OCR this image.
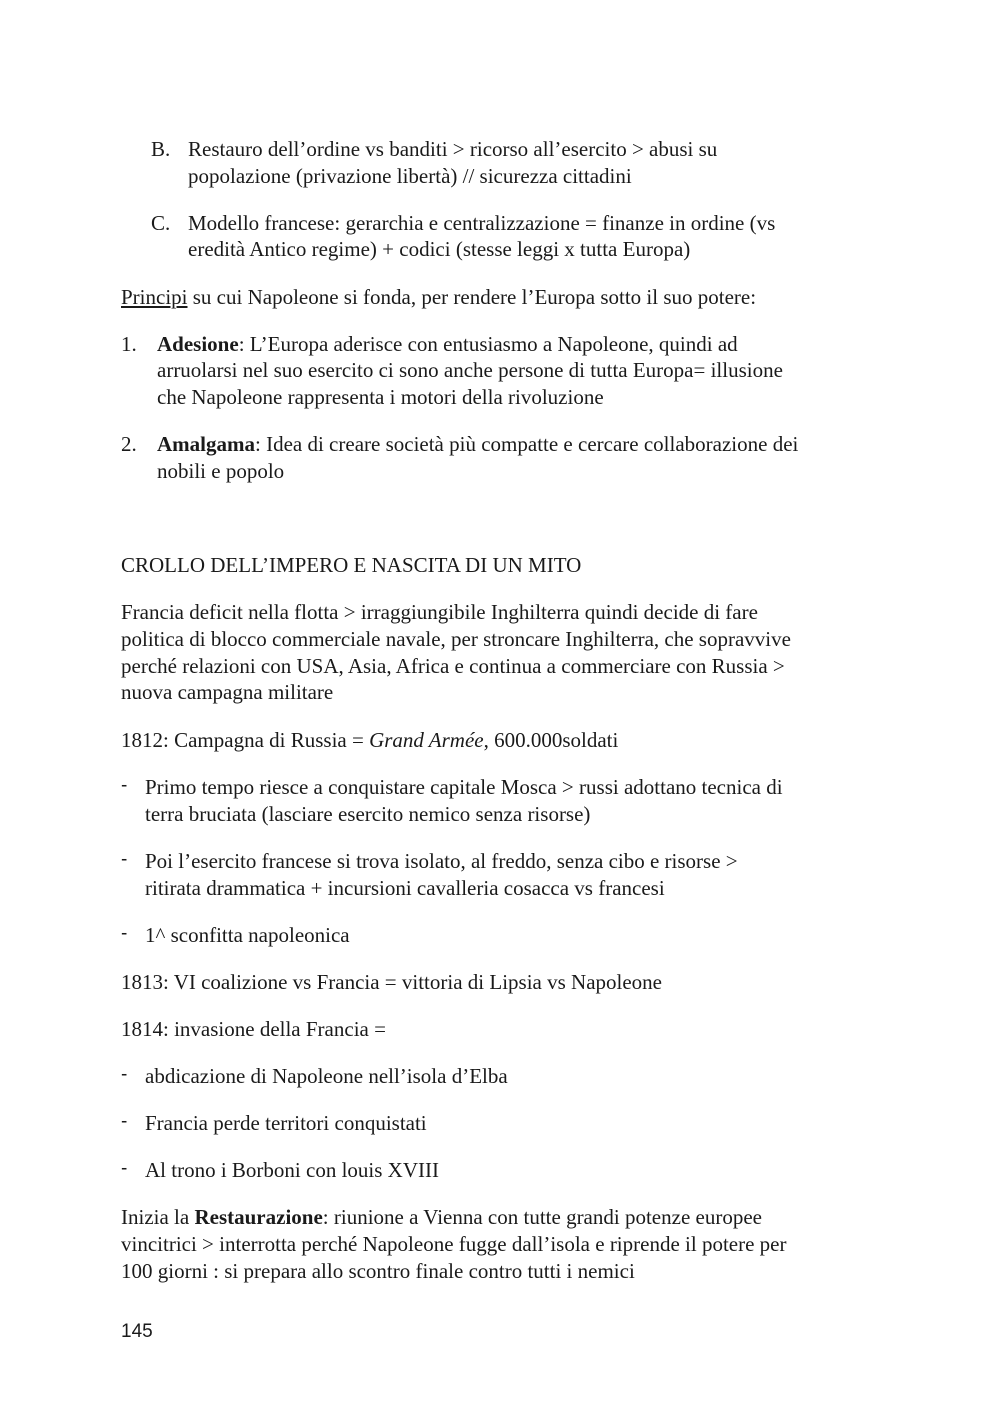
B. Restauro dell’ordine vs banditi > ricorso all’esercito > abusi su
popolazione (privazione libertà) // sicurezza cittadini
C. Modello francese: gerarchia e centralizzazione = finanze in ordine (vs
eredità Antico regime) + codici (stesse leggi x tutta Europa)
Principi su cui Napoleone si fonda, per rendere l’Europa sotto il suo potere:
1. Adesione: L’Europa aderisce con entusiasmo a Napoleone, quindi ad
arruolarsi nel suo esercito ci sono anche persone di tutta Europa= illusione
che Napoleone rappresenta i motori della rivoluzione
2. Amalgama: Idea di creare società più compatte e cercare collaborazione dei
nobili e popolo
CROLLO DELL’IMPERO E NASCITA DI UN MITO
Francia deficit nella flotta > irraggiungibile Inghilterra quindi decide di fare
politica di blocco commerciale navale, per stroncare Inghilterra, che sopravvive
perché relazioni con USA, Asia, Africa e continua a commerciare con Russia >
nuova campagna militare
1812: Campagna di Russia = Grand Armée, 600.000soldati
- Primo tempo riesce a conquistare capitale Mosca > russi adottano tecnica di
terra bruciata (lasciare esercito nemico senza risorse)
- Poi l’esercito francese si trova isolato, al freddo, senza cibo e risorse >
ritirata drammatica + incursioni cavalleria cosacca vs francesi
- 1^ sconfitta napoleonica
1813: VI coalizione vs Francia = vittoria di Lipsia vs Napoleone
1814: invasione della Francia =
- abdicazione di Napoleone nell’isola d’Elba
- Francia perde territori conquistati
- Al trono i Borboni con louis XVIII
Inizia la Restaurazione: riunione a Vienna con tutte grandi potenze europee
vincitrici > interrotta perché Napoleone fugge dall’isola e riprende il potere per
100 giorni : si prepara allo scontro finale contro tutti i nemici
145
